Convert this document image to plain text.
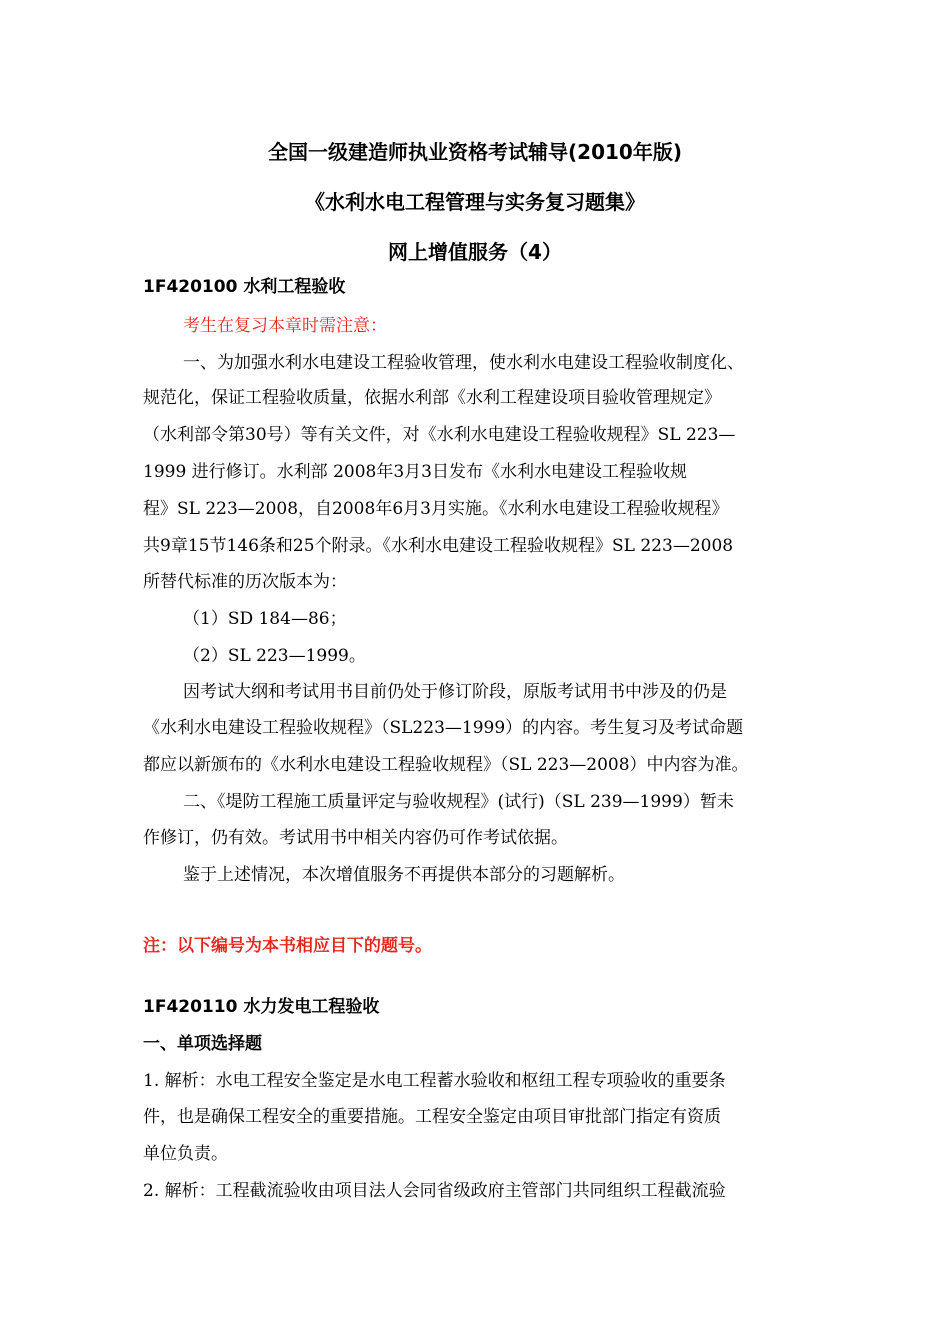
全国一级建造师执业资格考试辅导(2010年版)
《水利水电工程管理与实务复习题集》
网上增值服务（4）
1F420100 水利工程验收
考生在复习本章时需注意：
一、为加强水利水电建设工程验收管理，使水利水电建设工程验收制度化、
规范化，保证工程验收质量，依据水利部《水利工程建设项目验收管理规定》
（水利部令第30号）等有关文件，对《水利水电建设工程验收规程》SL 223—
1999 进行修订。水利部 2008年3月3日发布《水利水电建设工程验收规
程》SL 223—2008，自2008年6月3月实施。《水利水电建设工程验收规程》
共9章15节146条和25个附录。《水利水电建设工程验收规程》SL 223—2008
所替代标准的历次版本为：
（1）SD 184—86；
（2）SL 223—1999。
因考试大纲和考试用书目前仍处于修订阶段，原版考试用书中涉及的仍是
《水利水电建设工程验收规程》（SL223—1999）的内容。考生复习及考试命题
都应以新颁布的《水利水电建设工程验收规程》（SL 223—2008）中内容为准。
二、《堤防工程施工质量评定与验收规程》(试行)（SL 239—1999）暂未
作修订，仍有效。考试用书中相关内容仍可作考试依据。
鉴于上述情况，本次增值服务不再提供本部分的习题解析。
注：以下编号为本书相应目下的题号。
1F420110 水力发电工程验收
一、单项选择题
1. 解析：水电工程安全鉴定是水电工程蓄水验收和枢纽工程专项验收的重要条
件，也是确保工程安全的重要措施。工程安全鉴定由项目审批部门指定有资质
单位负责。
2. 解析：工程截流验收由项目法人会同省级政府主管部门共同组织工程截流验
